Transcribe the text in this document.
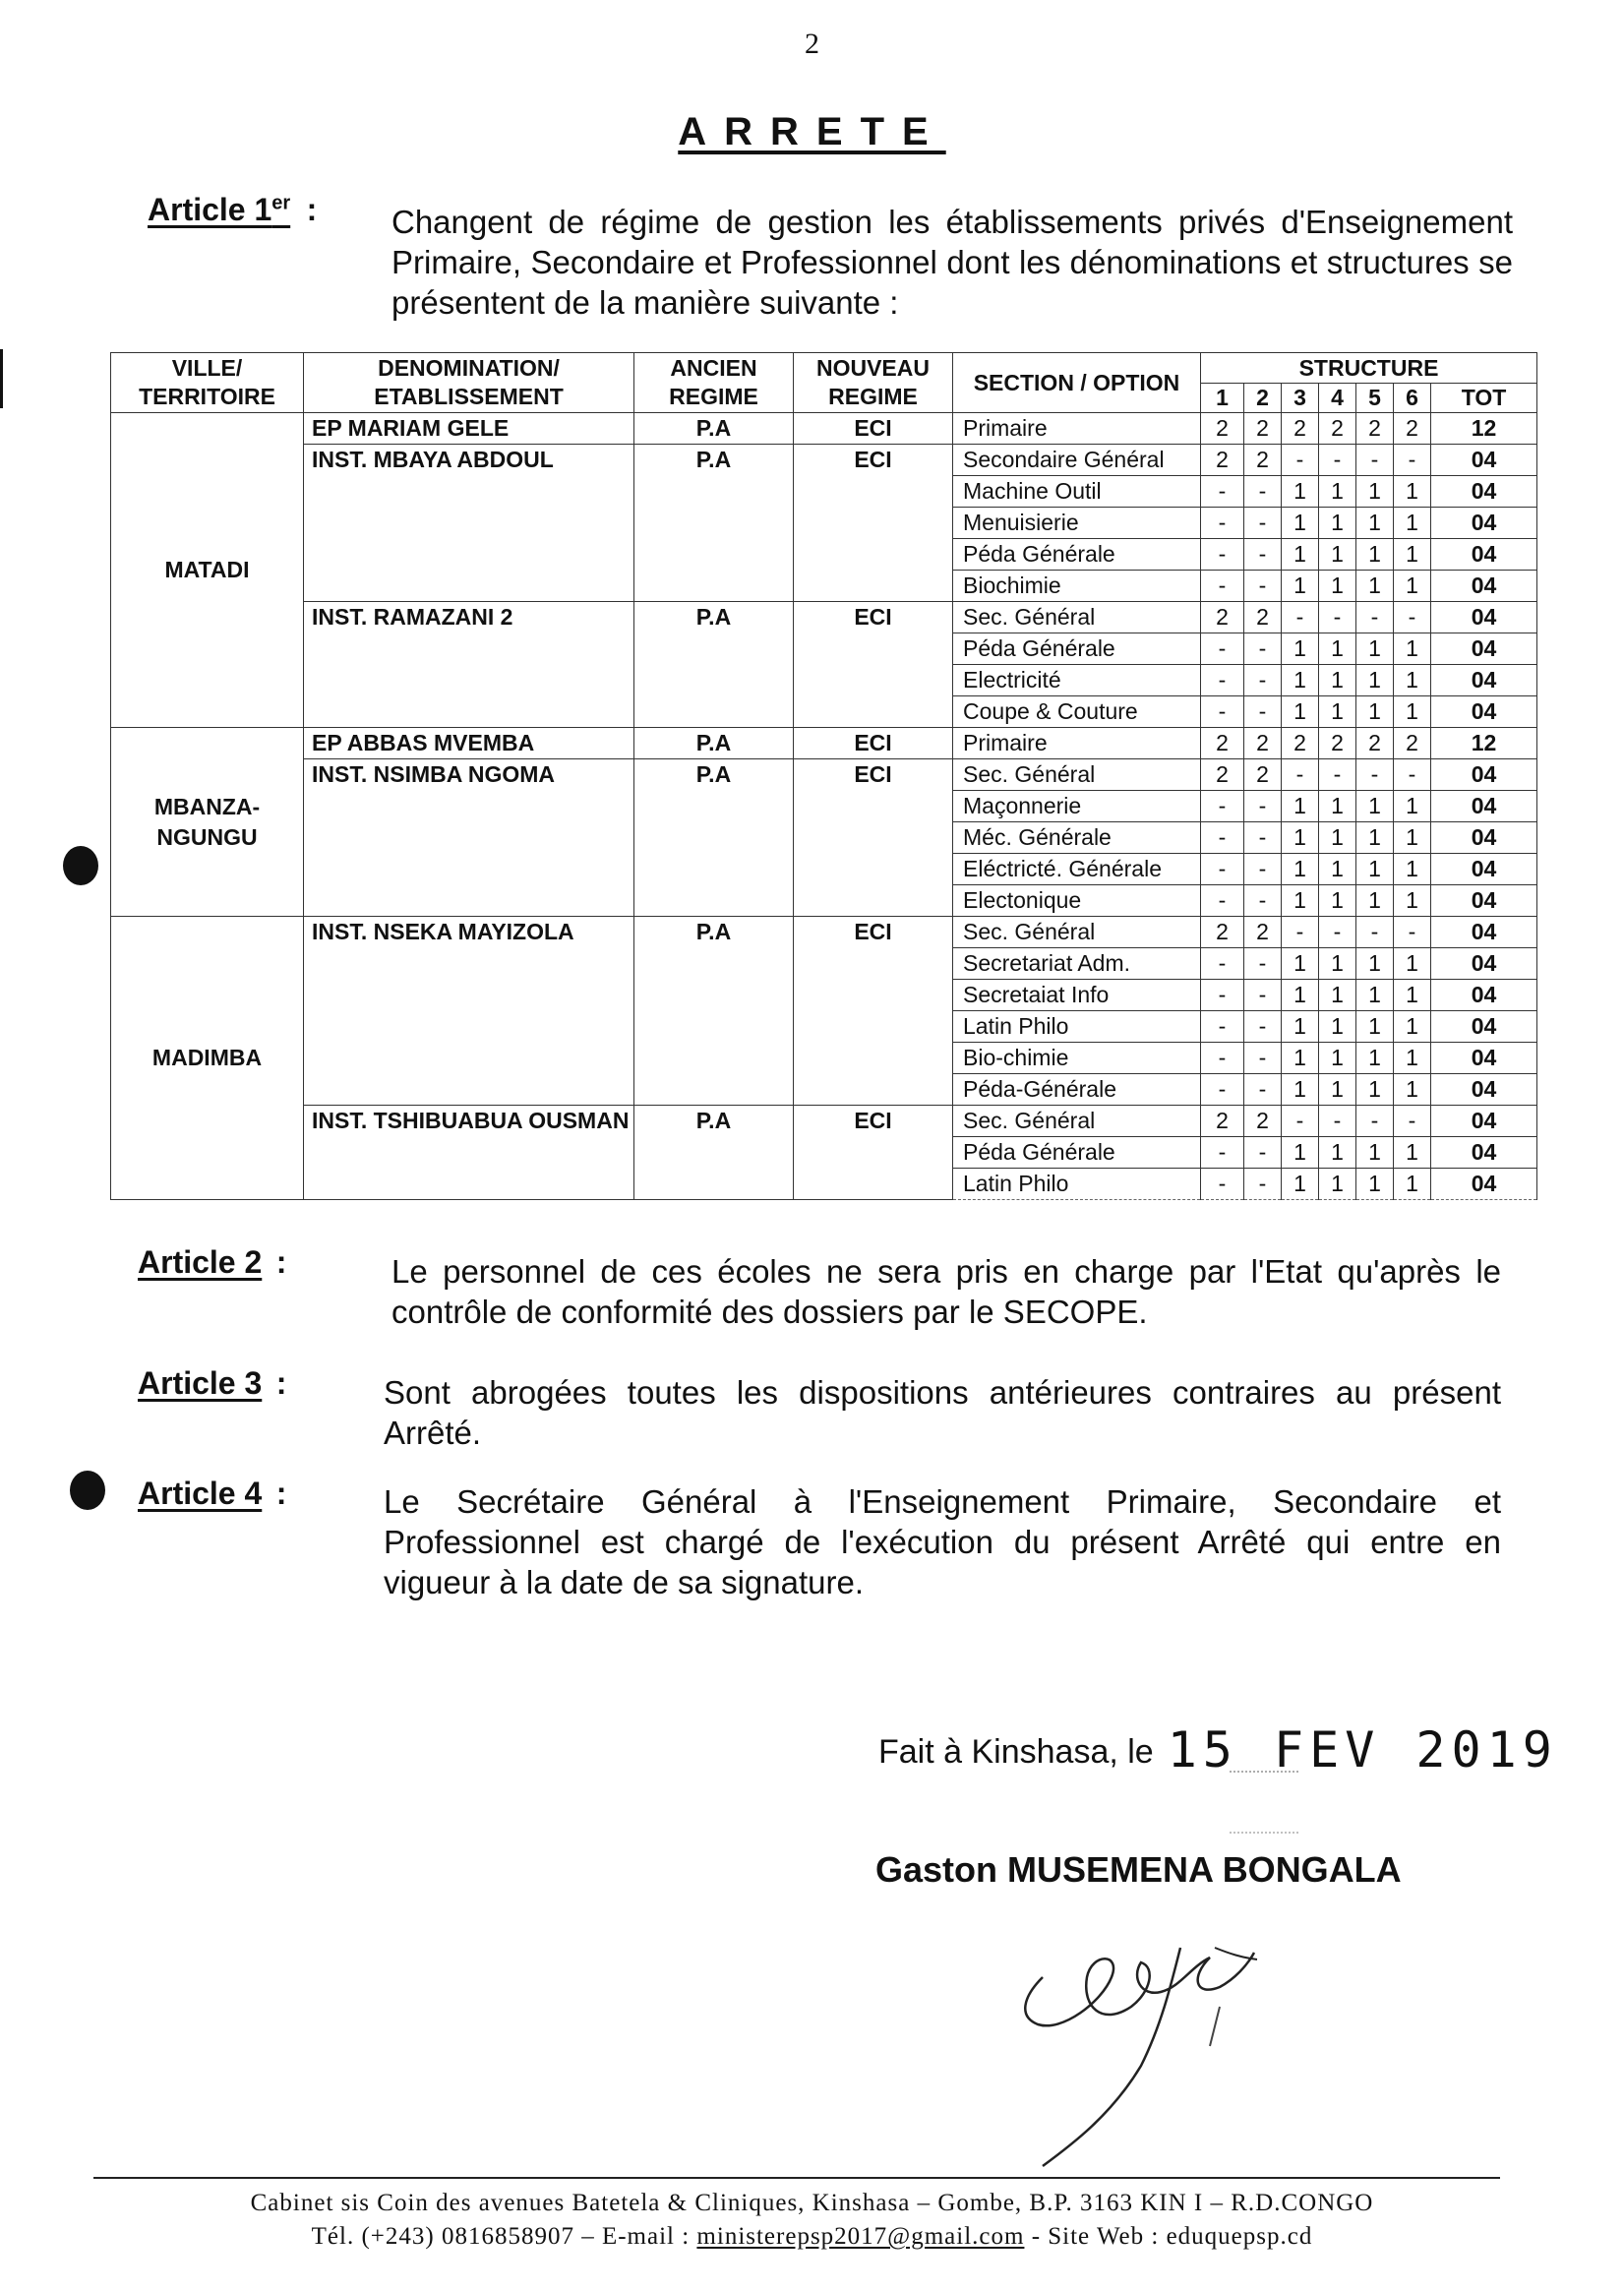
2
ARRETE
Article 1er : Changent de régime de gestion les établissements privés d'Enseignement Primaire, Secondaire et Professionnel dont les dénominations et structures se présentent de la manière suivante :
VILLE/ TERRITOIRE	DENOMINATION/ ETABLISSEMENT	ANCIEN REGIME	NOUVEAU REGIME	SECTION / OPTION	STRUCTURE						
					1	2	3	4	5	6	TOT
MATADI	EP MARIAM GELE	P.A	ECI	Primaire	2	2	2	2	2	2	12
	INST. MBAYA ABDOUL	P.A	ECI	Secondaire Général	2	2	-	-	-	-	04
				Machine Outil	-	-	1	1	1	1	04
				Menuisierie	-	-	1	1	1	1	04
				Péda Générale	-	-	1	1	1	1	04
				Biochimie	-	-	1	1	1	1	04
	INST. RAMAZANI 2	P.A	ECI	Sec. Général	2	2	-	-	-	-	04
				Péda Générale	-	-	1	1	1	1	04
				Electricité	-	-	1	1	1	1	04
				Coupe & Couture	-	-	1	1	1	1	04
MBANZA- NGUNGU	EP ABBAS MVEMBA	P.A	ECI	Primaire	2	2	2	2	2	2	12
	INST. NSIMBA NGOMA	P.A	ECI	Sec. Général	2	2	-	-	-	-	04
				Maçonnerie	-	-	1	1	1	1	04
				Méc. Générale	-	-	1	1	1	1	04
				Eléctricté. Générale	-	-	1	1	1	1	04
				Electonique	-	-	1	1	1	1	04
MADIMBA	INST. NSEKA MAYIZOLA	P.A	ECI	Sec. Général	2	2	-	-	-	-	04
				Secretariat Adm.	-	-	1	1	1	1	04
				Secretaiat Info	-	-	1	1	1	1	04
				Latin Philo	-	-	1	1	1	1	04
				Bio-chimie	-	-	1	1	1	1	04
				Péda-Générale	-	-	1	1	1	1	04
	INST. TSHIBUABUA OUSMAN	P.A	ECI	Sec. Général	2	2	-	-	-	-	04
				Péda Générale	-	-	1	1	1	1	04
				Latin Philo	-	-	1	1	1	1	04
Article 2 :	Le personnel de ces écoles ne sera pris en charge par l'Etat qu'après le contrôle de conformité des dossiers par le SECOPE.
Article 3 :	Sont abrogées toutes les dispositions antérieures contraires au présent Arrêté.
Article 4 :	Le Secrétaire Général à l'Enseignement Primaire, Secondaire et Professionnel est chargé de l'exécution du présent Arrêté qui entre en vigueur à la date de sa signature.
Fait à Kinshasa, le 15 FEV 2019
Gaston MUSEMENA BONGALA
Cabinet sis Coin des avenues Batetela & Cliniques, Kinshasa – Gombe, B.P. 3163 KIN I – R.D.CONGO
Tél. (+243) 0816858907 – E-mail : ministerepsp2017@gmail.com - Site Web : eduquepsp.cd
